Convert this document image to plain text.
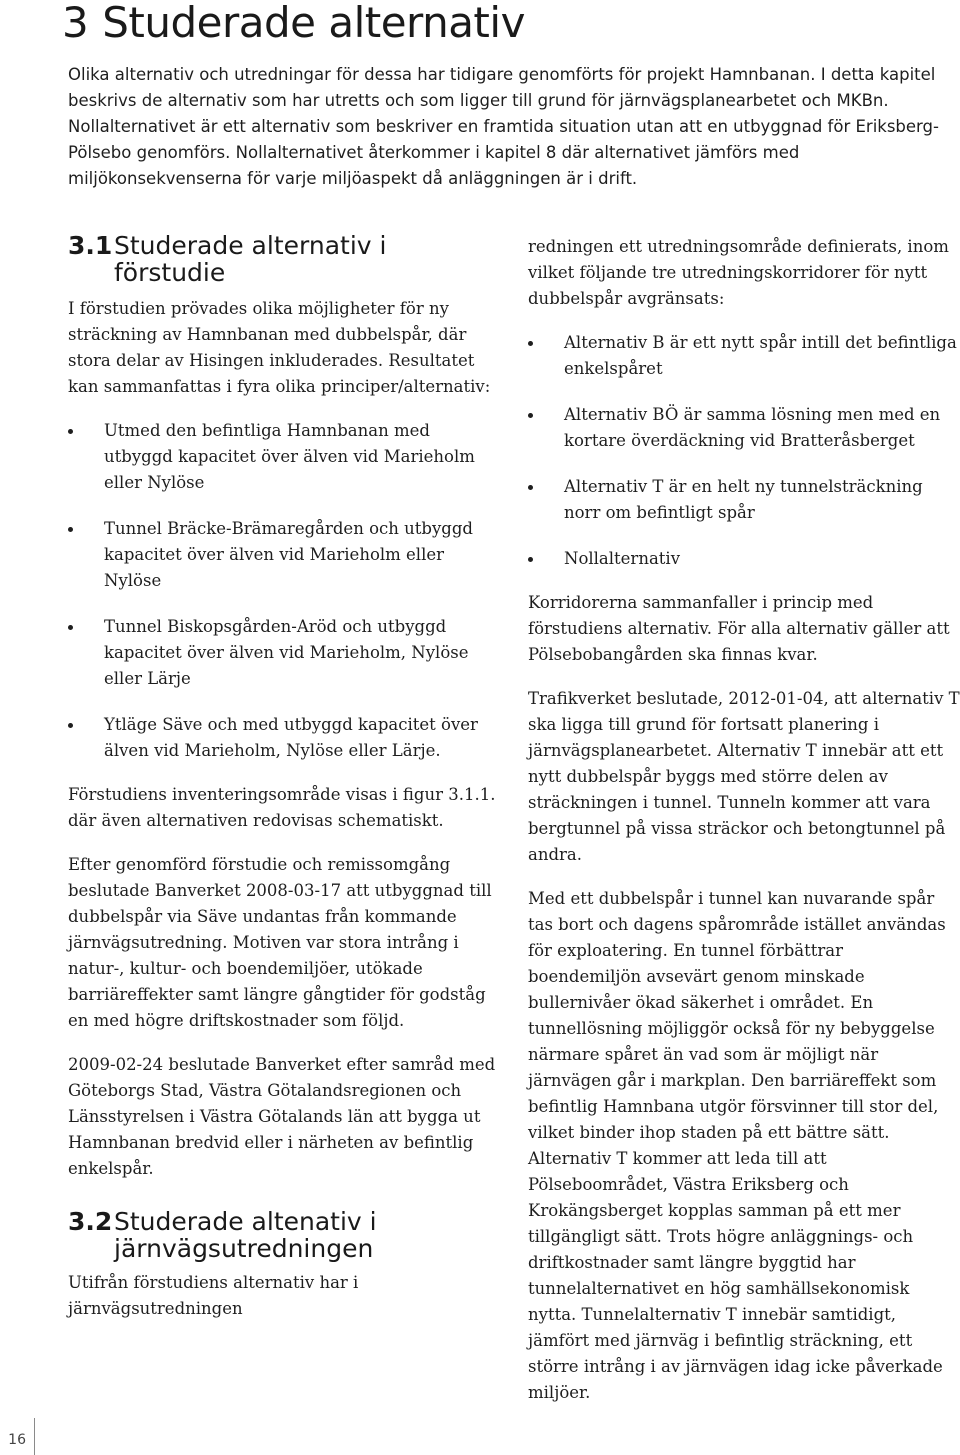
3 Studerade alternativ

Olika alternativ och utredningar för dessa har tidigare genomförts för projekt Hamnbanan. I detta kapitel beskrivs de alternativ som har utretts och som ligger till grund för järnvägsplanearbetet och MKBn. Nollalternativet är ett alternativ som beskriver en framtida situation utan att en utbyggnad för Eriksberg-Pölsebo genomförs. Nollalternativet återkommer i kapitel 8 där alternativet jämförs med miljökonsekvenserna för varje miljöaspekt då anläggningen är i drift.

3.1 Studerade alternativ i förstudie

I förstudien prövades olika möjligheter för ny sträckning av Hamnbanan med dubbelspår, där stora delar av Hisingen inkluderades. Resultatet kan sammanfattas i fyra olika principer/alternativ:

Utmed den befintliga Hamnbanan med utbyggd kapacitet över älven vid Marieholm eller Nylöse
Tunnel Bräcke-Brämaregården och utbyggd kapacitet över älven vid Marieholm eller Nylöse
Tunnel Biskopsgården-Aröd och utbyggd kapacitet över älven vid Marieholm, Nylöse eller Lärje
Ytläge Säve och med utbyggd kapacitet över älven vid Marieholm, Nylöse eller Lärje.

Förstudiens inventeringsområde visas i figur 3.1.1. där även alternativen redovisas schematiskt.

Efter genomförd förstudie och remissomgång beslutade Banverket 2008-03-17 att utbyggnad till dubbelspår via Säve undantas från kommande järnvägsutredning. Motiven var stora intrång i natur-, kultur- och boendemiljöer, utökade barriäreffekter samt längre gångtider för godståg en med högre driftskostnader som följd.

2009-02-24 beslutade Banverket efter samråd med Göteborgs Stad, Västra Götalandsregionen och Länsstyrelsen i Västra Götalands län att bygga ut Hamnbanan bredvid eller i närheten av befintlig enkelspår.

3.2 Studerade altenativ i järnvägsutredningen

Utifrån förstudiens alternativ har i järnvägsutredningen

redningen ett utredningsområde definierats, inom vilket följande tre utredningskorridorer för nytt dubbelspår avgränsats:

Alternativ B är ett nytt spår intill det befintliga enkelspåret
Alternativ BÖ är samma lösning men med en kortare överdäckning vid Bratteråsberget
Alternativ T är en helt ny tunnelsträckning norr om befintligt spår
Nollalternativ

Korridorerna sammanfaller i princip med förstudiens alternativ. För alla alternativ gäller att Pölsebobangården ska finnas kvar.

Trafikverket beslutade, 2012-01-04, att alternativ T ska ligga till grund för fortsatt planering i järnvägsplanearbetet. Alternativ T innebär att ett nytt dubbelspår byggs med större delen av sträckningen i tunnel. Tunneln kommer att vara bergtunnel på vissa sträckor och betongtunnel på andra.

Med ett dubbelspår i tunnel kan nuvarande spår tas bort och dagens spårområde istället användas för exploatering. En tunnel förbättrar boendemiljön avsevärt genom minskade bullernivåer ökad säkerhet i området. En tunnellösning möjliggör också för ny bebyggelse närmare spåret än vad som är möjligt när järnvägen går i markplan. Den barriäreffekt som befintlig Hamnbana utgör försvinner till stor del, vilket binder ihop staden på ett bättre sätt. Alternativ T kommer att leda till att Pölseboområdet, Västra Eriksberg och Krokängsberget kopplas samman på ett mer tillgängligt sätt. Trots högre anläggnings- och driftkostnader samt längre byggtid har tunnelalternativet en hög samhällsekonomisk nytta. Tunnelalternativ T innebär samtidigt, jämfört med järnväg i befintlig sträckning, ett större intrång i av järnvägen idag icke påverkade miljöer.

16
